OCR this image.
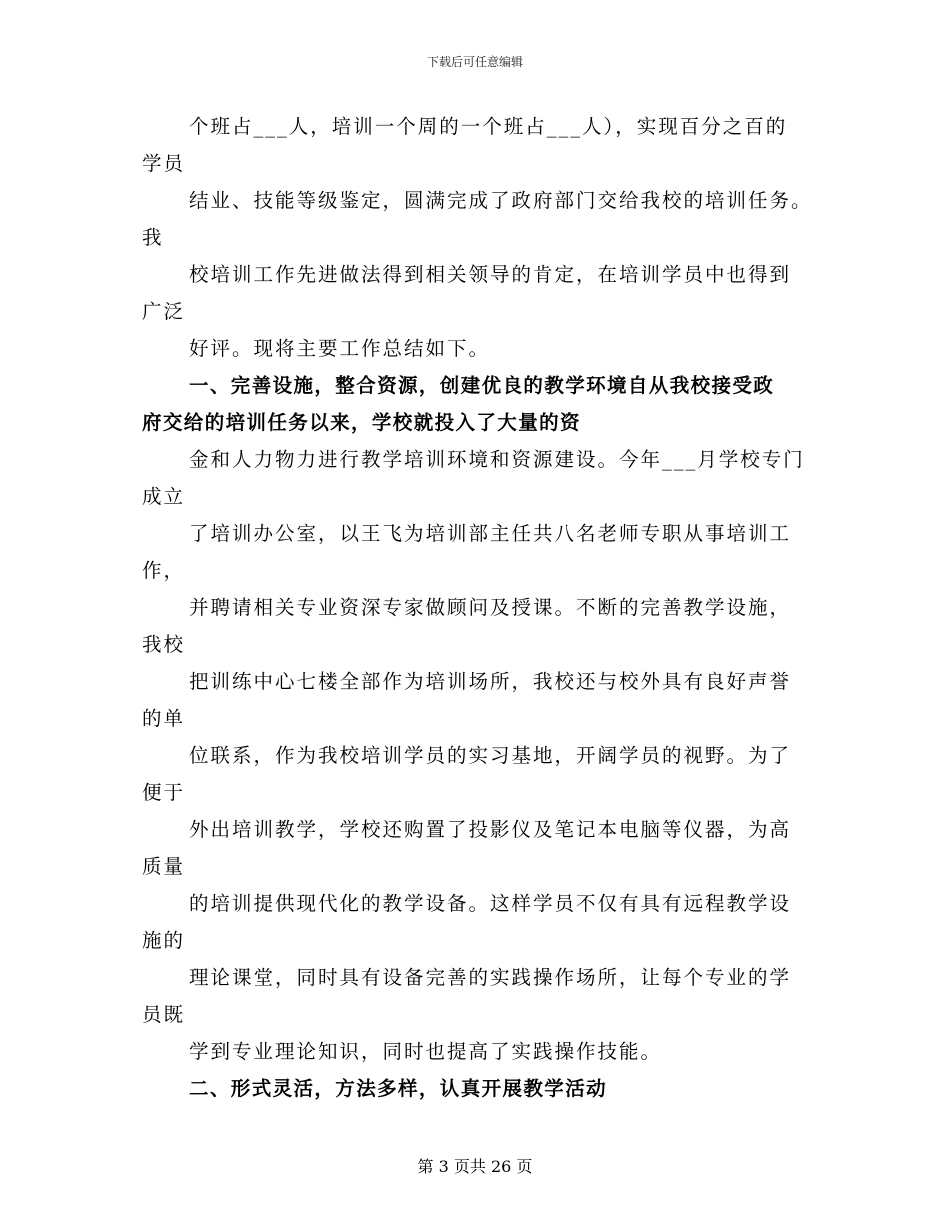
下载后可任意编辑
个班占___人，培训一个周的一个班占___人），实现百分之百的
学员
结业、技能等级鉴定，圆满完成了政府部门交给我校的培训任务。
我
校培训工作先进做法得到相关领导的肯定，在培训学员中也得到
广泛
好评。现将主要工作总结如下。
一、完善设施，整合资源，创建优良的教学环境自从我校接受政
府交给的培训任务以来，学校就投入了大量的资
金和人力物力进行教学培训环境和资源建设。今年___月学校专门
成立
了培训办公室，以王飞为培训部主任共八名老师专职从事培训工
作，
并聘请相关专业资深专家做顾问及授课。不断的完善教学设施，
我校
把训练中心七楼全部作为培训场所，我校还与校外具有良好声誉
的单
位联系，作为我校培训学员的实习基地，开阔学员的视野。为了
便于
外出培训教学，学校还购置了投影仪及笔记本电脑等仪器，为高
质量
的培训提供现代化的教学设备。这样学员不仅有具有远程教学设
施的
理论课堂，同时具有设备完善的实践操作场所，让每个专业的学
员既
学到专业理论知识，同时也提高了实践操作技能。
二、形式灵活，方法多样，认真开展教学活动
第 3 页共 26 页
